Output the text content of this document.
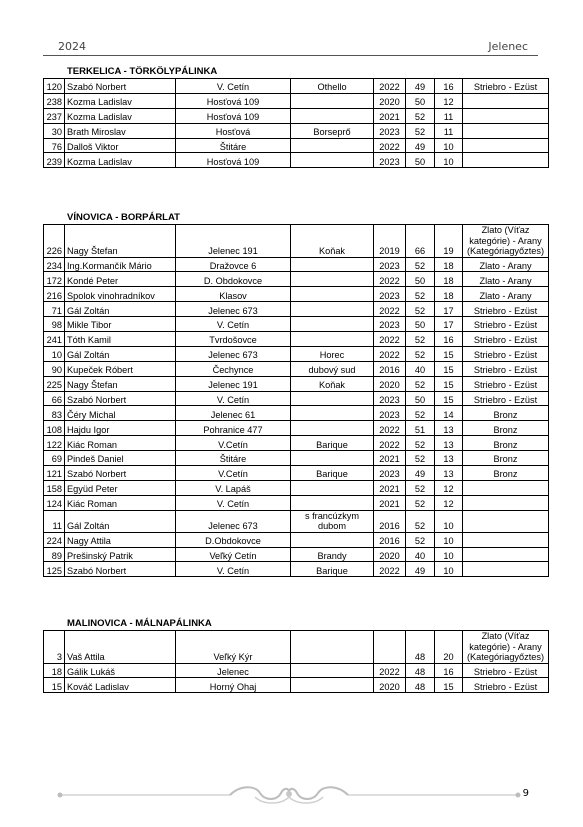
2024	Jelenec
TERKELICA - TÖRKÖLYPÁLINKA
120	Szabó Norbert	V. Cetín	Othello	2022	49	16	Striebro - Ezüst
238	Kozma Ladislav	Hosťová 109		2020	50	12	
237	Kozma Ladislav	Hosťová 109		2021	52	11	
30	Brath Miroslav	Hosťová	Borseprő	2023	52	11	
76	Dalloš Viktor	Štitáre		2022	49	10	
239	Kozma Ladislav	Hosťová 109		2023	50	10	
VÍNOVICA - BORPÁRLAT
226	Nagy Štefan	Jelenec 191	Koňak	2019	66	19	Zlato (Víťaz kategórie) - Arany (Kategóriagyőztes)
234	Ing.Kormančík Mário	Dražovce 6		2023	52	18	Zlato - Arany
172	Kondé Peter	D. Obdokovce		2022	50	18	Zlato - Arany
216	Spolok vinohradníkov	Klasov		2023	52	18	Zlato - Arany
71	Gál Zoltán	Jelenec 673		2022	52	17	Striebro - Ezüst
98	Mikle Tibor	V. Cetín		2023	50	17	Striebro - Ezüst
241	Tóth Kamil	Tvrdošovce		2022	52	16	Striebro - Ezüst
10	Gál Zoltán	Jelenec 673	Horec	2022	52	15	Striebro - Ezüst
90	Kupeček Róbert	Čechynce	dubový sud	2016	40	15	Striebro - Ezüst
225	Nagy Štefan	Jelenec 191	Koňak	2020	52	15	Striebro - Ezüst
66	Szabó Norbert	V. Cetín		2023	50	15	Striebro - Ezüst
83	Čéry Michal	Jelenec 61		2023	52	14	Bronz
108	Hajdu Igor	Pohranice 477		2022	51	13	Bronz
122	Kiác Roman	V.Cetín	Barique	2022	52	13	Bronz
69	Pindeš Daniel	Štitáre		2021	52	13	Bronz
121	Szabó Norbert	V.Cetín	Barique	2023	49	13	Bronz
158	Együd Peter	V. Lapáš		2021	52	12	
124	Kiác Roman	V. Cetín		2021	52	12	
11	Gál Zoltán	Jelenec 673	s francúzkym dubom	2016	52	10	
224	Nagy Attila	D.Obdokovce		2016	52	10	
89	Prešinský Patrik	Veľký Cetín	Brandy	2020	40	10	
125	Szabó Norbert	V. Cetín	Barique	2022	49	10	
MALINOVICA - MÁLNAPÁLINKA
3	Vaš Attila	Veľký Kýr			48	20	Zlato (Víťaz kategórie) - Arany (Kategóriagyőztes)
18	Gálik Lukáš	Jelenec		2022	48	16	Striebro - Ezüst
15	Kováč Ladislav	Horný Ohaj		2020	48	15	Striebro - Ezüst
9
